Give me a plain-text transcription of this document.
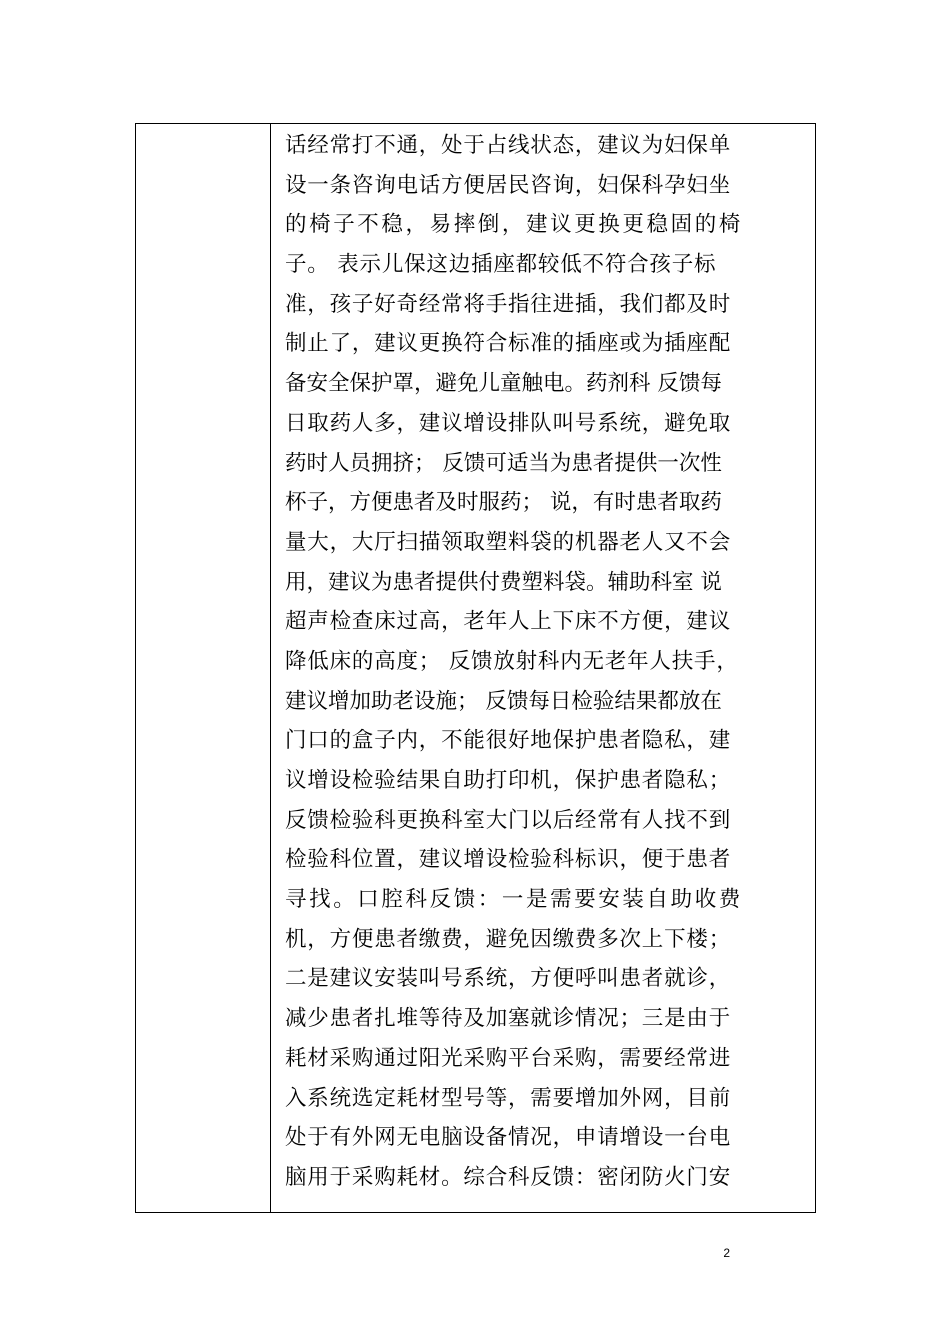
话经常打不通，处于占线状态，建议为妇保单
设一条咨询电话方便居民咨询，妇保科孕妇坐
的椅子不稳，易摔倒，建议更换更稳固的椅
子。 表示儿保这边插座都较低不符合孩子标
准，孩子好奇经常将手指往进插，我们都及时
制止了，建议更换符合标准的插座或为插座配
备安全保护罩，避免儿童触电。药剂科 反馈每
日取药人多，建议增设排队叫号系统，避免取
药时人员拥挤； 反馈可适当为患者提供一次性
杯子，方便患者及时服药； 说，有时患者取药
量大，大厅扫描领取塑料袋的机器老人又不会
用，建议为患者提供付费塑料袋。辅助科室 说
超声检查床过高，老年人上下床不方便，建议
降低床的高度； 反馈放射科内无老年人扶手，
建议增加助老设施； 反馈每日检验结果都放在
门口的盒子内，不能很好地保护患者隐私，建
议增设检验结果自助打印机，保护患者隐私；
反馈检验科更换科室大门以后经常有人找不到
检验科位置，建议增设检验科标识，便于患者
寻找。口腔科反馈：一是需要安装自助收费
机，方便患者缴费，避免因缴费多次上下楼；
二是建议安装叫号系统，方便呼叫患者就诊，
减少患者扎堆等待及加塞就诊情况；三是由于
耗材采购通过阳光采购平台采购，需要经常进
入系统选定耗材型号等，需要增加外网，目前
处于有外网无电脑设备情况，申请增设一台电
脑用于采购耗材。综合科反馈：密闭防火门安
2
